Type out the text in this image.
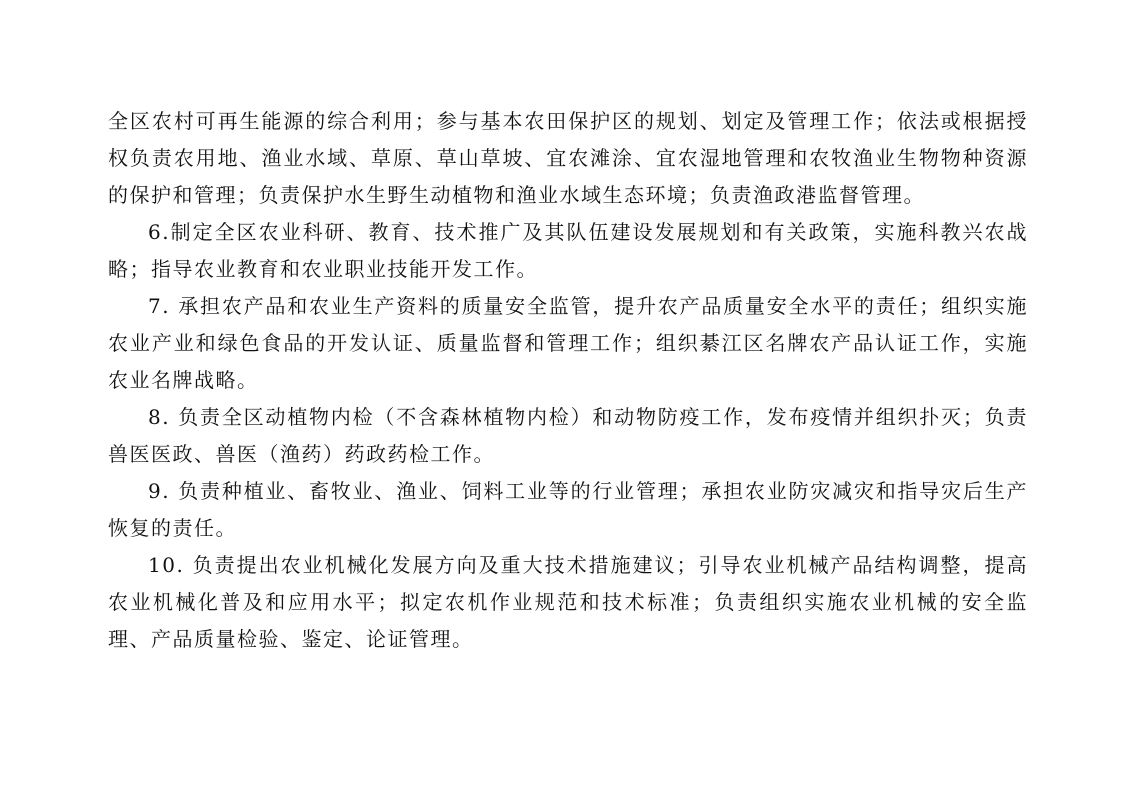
全区农村可再生能源的综合利用；参与基本农田保护区的规划、划定及管理工作；依法或根据授权负责农用地、渔业水域、草原、草山草坡、宜农滩涂、宜农湿地管理和农牧渔业生物物种资源的保护和管理；负责保护水生野生动植物和渔业水域生态环境；负责渔政港监督管理。

6.制定全区农业科研、教育、技术推广及其队伍建设发展规划和有关政策，实施科教兴农战略；指导农业教育和农业职业技能开发工作。

7. 承担农产品和农业生产资料的质量安全监管，提升农产品质量安全水平的责任；组织实施农业产业和绿色食品的开发认证、质量监督和管理工作；组织綦江区名牌农产品认证工作，实施农业名牌战略。

8. 负责全区动植物内检（不含森林植物内检）和动物防疫工作，发布疫情并组织扑灭；负责兽医医政、兽医（渔药）药政药检工作。

9. 负责种植业、畜牧业、渔业、饲料工业等的行业管理；承担农业防灾减灾和指导灾后生产恢复的责任。

10. 负责提出农业机械化发展方向及重大技术措施建议；引导农业机械产品结构调整，提高农业机械化普及和应用水平；拟定农机作业规范和技术标准；负责组织实施农业机械的安全监理、产品质量检验、鉴定、论证管理。
